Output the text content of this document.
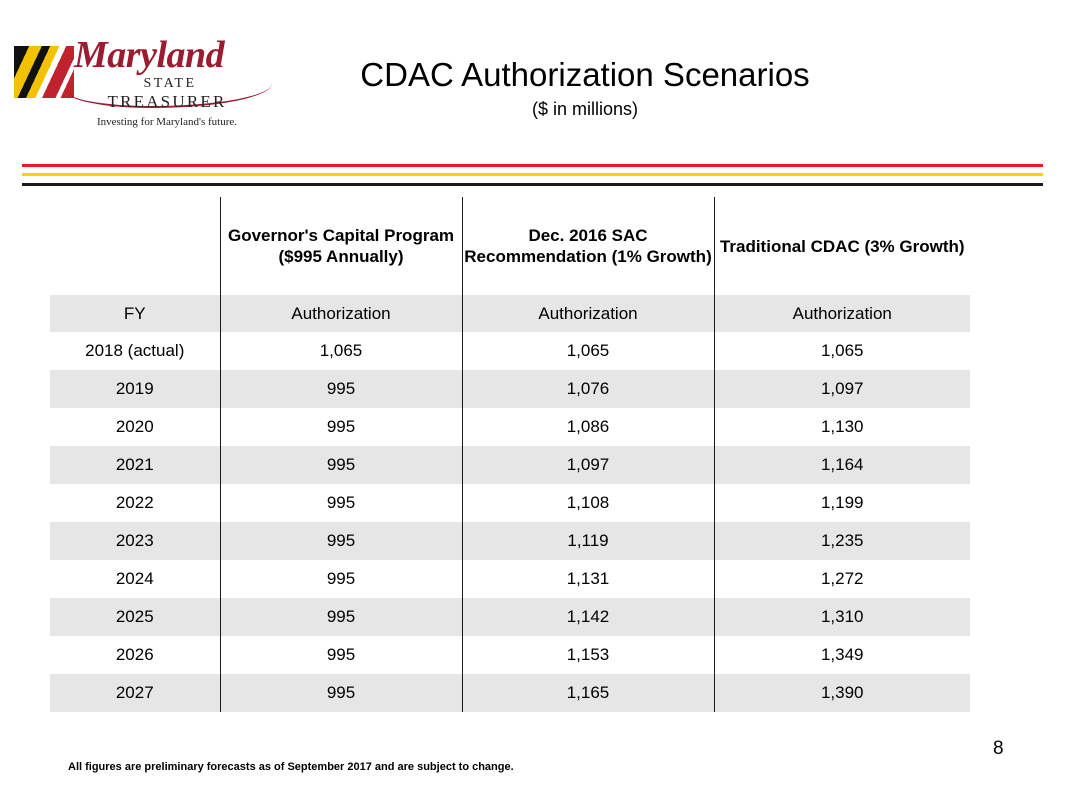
Maryland
STATE
TREASURER
Investing for Maryland's future.
CDAC Authorization Scenarios
($ in millions)
	Governor's Capital Program ($995 Annually)	Dec. 2016 SAC Recommendation (1% Growth)	Traditional CDAC (3% Growth)
FY	Authorization	Authorization	Authorization

2018 (actual)	1,065	1,065	1,065
2019	995	1,076	1,097
2020	995	1,086	1,130
2021	995	1,097	1,164
2022	995	1,108	1,199
2023	995	1,119	1,235
2024	995	1,131	1,272
2025	995	1,142	1,310
2026	995	1,153	1,349
2027	995	1,165	1,390
All figures are preliminary forecasts as of September 2017 and are subject to change.
8
